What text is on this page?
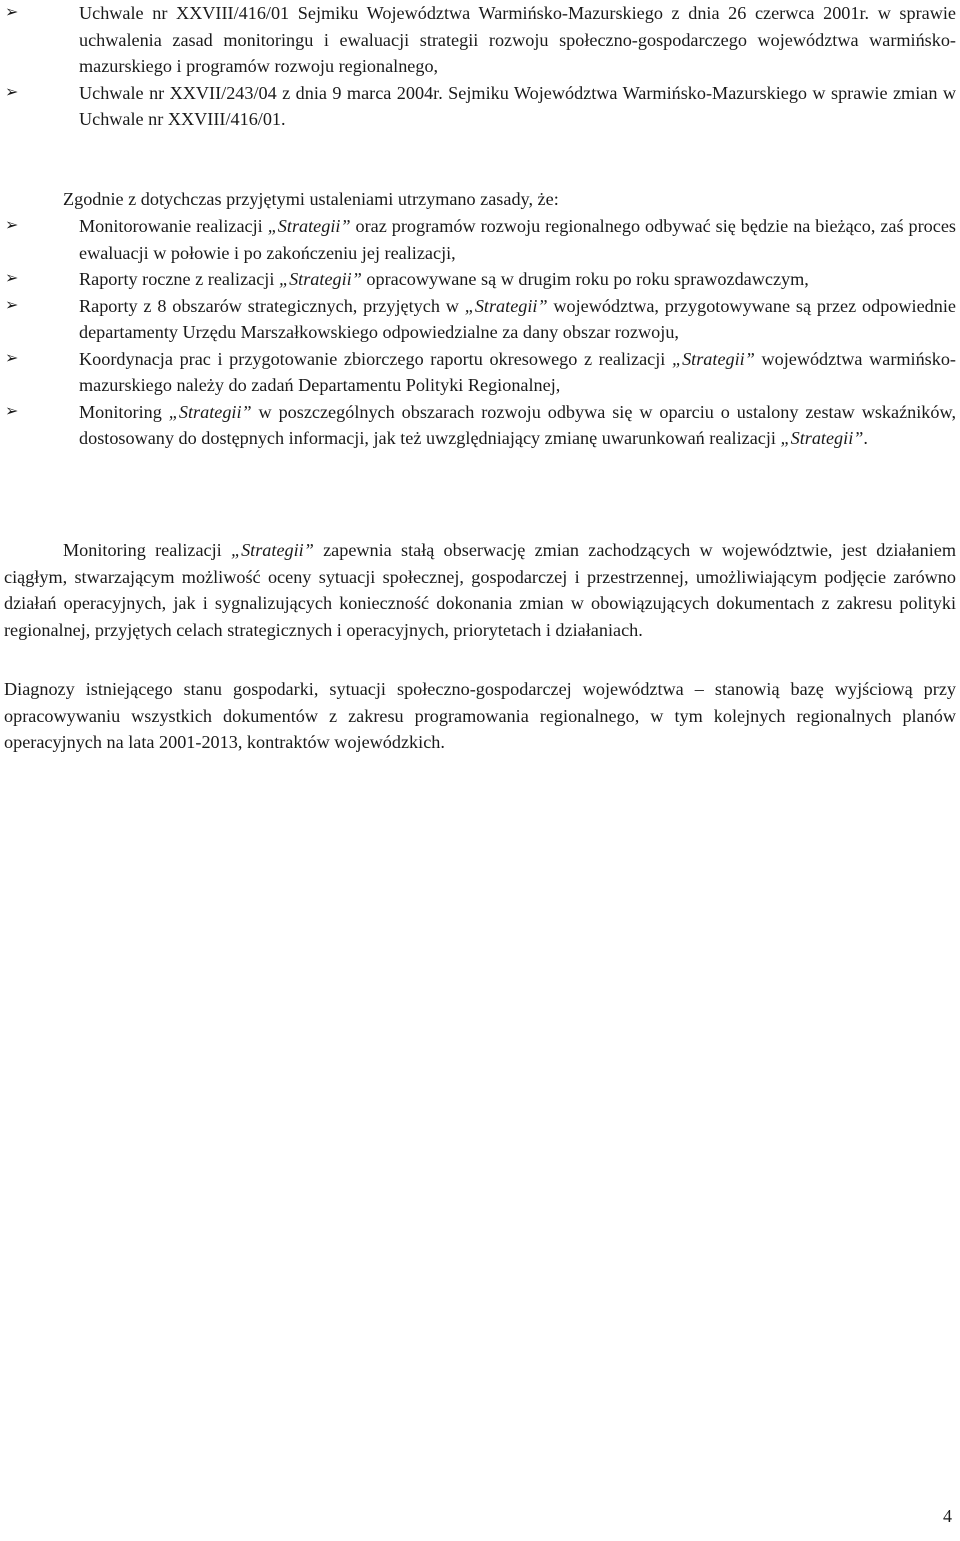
➢	Uchwale nr XXVIII/416/01 Sejmiku Województwa Warmińsko-Mazurskiego z dnia 26 czerwca 2001r. w sprawie uchwalenia zasad monitoringu i ewaluacji strategii rozwoju społeczno-gospodarczego województwa warmińsko-mazurskiego i programów rozwoju regionalnego,
➢	Uchwale nr XXVII/243/04 z dnia 9 marca 2004r. Sejmiku Województwa Warmińsko-Mazurskiego w sprawie zmian w Uchwale nr XXVIII/416/01.
Zgodnie z dotychczas przyjętymi ustaleniami utrzymano zasady, że:
➢	Monitorowanie realizacji „Strategii” oraz programów rozwoju regionalnego odbywać się będzie na bieżąco, zaś proces ewaluacji w połowie i po zakończeniu jej realizacji,
➢	Raporty roczne z realizacji „Strategii” opracowywane są w drugim roku po roku sprawozdawczym,
➢	Raporty z 8 obszarów strategicznych, przyjętych w „Strategii” województwa, przygotowywane są przez odpowiednie departamenty Urzędu Marszałkowskiego odpowiedzialne za dany obszar rozwoju,
➢	Koordynacja prac i przygotowanie zbiorczego raportu okresowego z realizacji „Strategii” województwa warmińsko-mazurskiego należy do zadań Departamentu Polityki Regionalnej,
➢	Monitoring „Strategii” w poszczególnych obszarach rozwoju odbywa się w oparciu o ustalony zestaw wskaźników, dostosowany do dostępnych informacji, jak też uwzględniający zmianę uwarunkowań realizacji „Strategii”.

Monitoring realizacji „Strategii” zapewnia stałą obserwację zmian zachodzących w województwie, jest działaniem ciągłym, stwarzającym możliwość oceny sytuacji społecznej, gospodarczej i przestrzennej, umożliwiającym podjęcie zarówno działań operacyjnych, jak i sygnalizujących konieczność dokonania zmian w obowiązujących dokumentach z zakresu polityki regionalnej, przyjętych celach strategicznych i operacyjnych, priorytetach i działaniach.

Diagnozy istniejącego stanu gospodarki, sytuacji społeczno-gospodarczej województwa – stanowią bazę wyjściową przy opracowywaniu wszystkich dokumentów z zakresu programowania regionalnego, w tym kolejnych regionalnych planów operacyjnych na lata 2001-2013, kontraktów wojewódzkich.

4
